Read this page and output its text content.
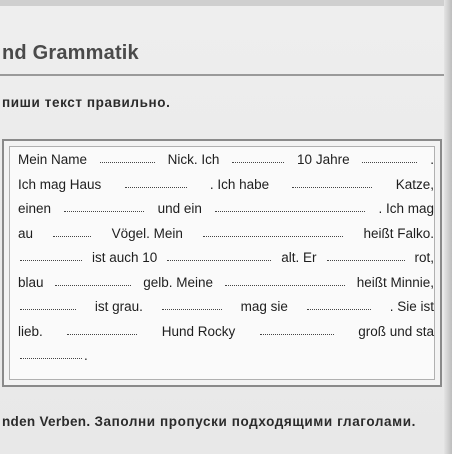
nd Grammatik
пиши текст правильно.
Mein Name	Nick. Ich	10 Jahre	.
Ich mag Haus	. Ich habe	Katze,
einen	und ein	. Ich mag
au	Vögel. Mein	heißt Falko.
ist auch 10	alt. Er	rot,
blau	gelb. Meine	heißt Minnie,
ist grau.	mag sie	. Sie ist
lieb.	Hund Rocky	groß und sta
.
nden Verben. Заполни пропуски подходящими глаголами.
